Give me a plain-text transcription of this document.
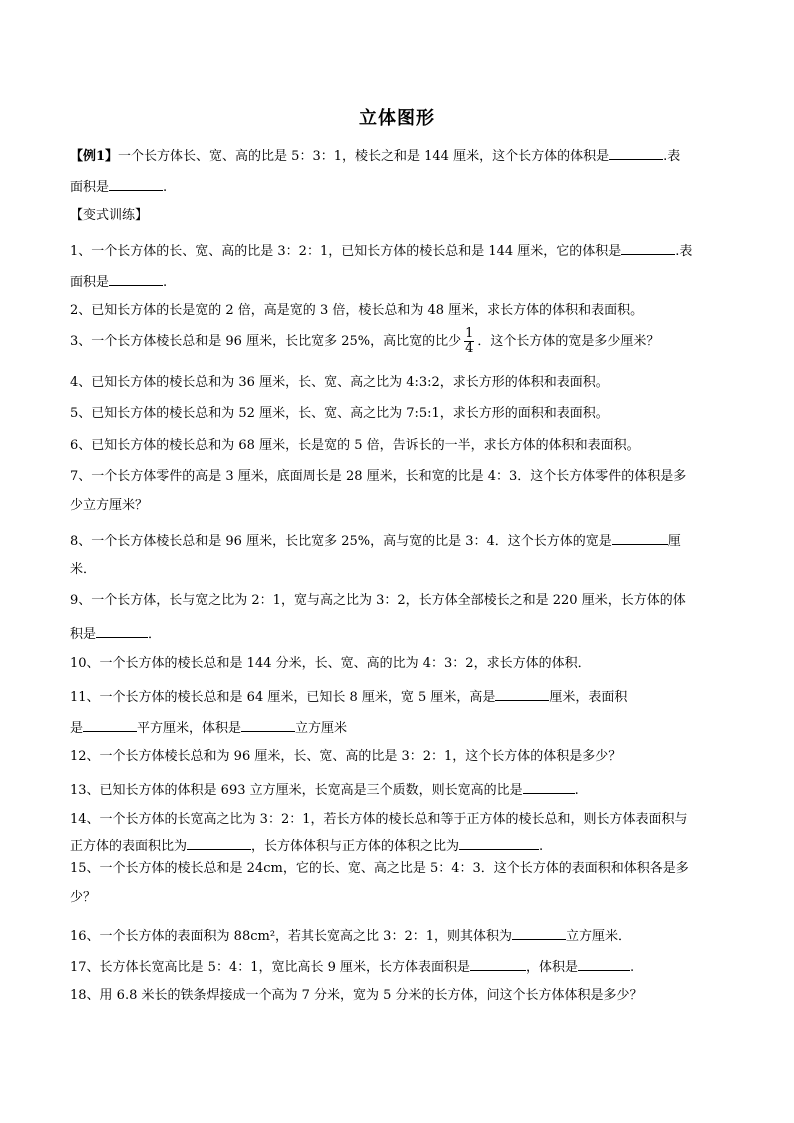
立体图形
【例1】一个长方体长、宽、高的比是 5：3：1，棱长之和是 144 厘米，这个长方体的体积是	.表
面积是	.
【变式训练】
1、一个长方体的长、宽、高的比是 3：2：1，已知长方体的棱长总和是 144 厘米，它的体积是	.表
面积是	.
2、已知长方体的长是宽的 2 倍，高是宽的 3 倍，棱长总和为 48 厘米，求长方体的体积和表面积。
3、一个长方体棱长总和是 96 厘米，长比宽多 25%，高比宽的比少 $\frac{1}{4}$ ．这个长方体的宽是多少厘米？
4、已知长方体的棱长总和为 36 厘米，长、宽、高之比为 4:3:2，求长方形的体积和表面积。
5、已知长方体的棱长总和为 52 厘米，长、宽、高之比为 7:5:1，求长方形的面积和表面积。
6、已知长方体的棱长总和为 68 厘米，长是宽的 5 倍，告诉长的一半，求长方体的体积和表面积。
7、一个长方体零件的高是 3 厘米，底面周长是 28 厘米，长和宽的比是 4：3．这个长方体零件的体积是多
少立方厘米？
8、一个长方体棱长总和是 96 厘米，长比宽多 25%，高与宽的比是 3：4．这个长方体的宽是	厘
米．
9、一个长方体，长与宽之比为 2：1，宽与高之比为 3：2，长方体全部棱长之和是 220 厘米，长方体的体
积是	．
10、一个长方体的棱长总和是 144 分米，长、宽、高的比为 4：3：2，求长方体的体积．
11、一个长方体的棱长总和是 64 厘米，已知长 8 厘米，宽 5 厘米，高是	厘米，表面积
是	平方厘米，体积是	立方厘米
12、一个长方体棱长总和为 96 厘米，长、宽、高的比是 3：2：1，这个长方体的体积是多少？
13、已知长方体的体积是 693 立方厘米，长宽高是三个质数，则长宽高的比是	.
14、一个长方体的长宽高之比为 3：2：1，若长方体的棱长总和等于正方体的棱长总和，则长方体表面积与
正方体的表面积比为	，长方体体积与正方体的体积之比为	.
15、一个长方体的棱长总和是 24cm，它的长、宽、高之比是 5：4：3．这个长方体的表面积和体积各是多
少？
16、一个长方体的表面积为 88cm²，若其长宽高之比 3：2：1，则其体积为	立方厘米．
17、长方体长宽高比是 5：4：1，宽比高长 9 厘米，长方体表面积是	，体积是	.
18、用 6.8 米长的铁条焊接成一个高为 7 分米，宽为 5 分米的长方体，问这个长方体体积是多少？
